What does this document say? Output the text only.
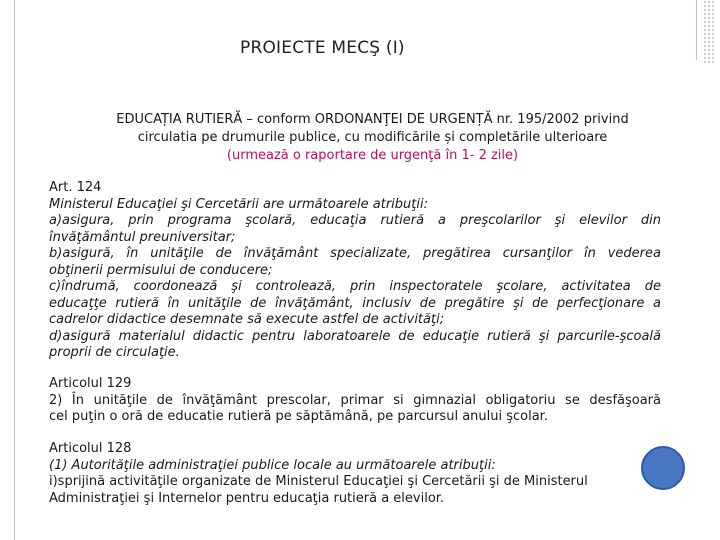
PROIECTE MECŞ (I)
EDUCAȚIA RUTIERĂ – conform ORDONANŢEI DE URGENȚĂ nr. 195/2002 privind
circulatia pe drumurile publice, cu modificările și completările ulterioare
(urmează o raportare de urgenţă în 1- 2 zile)
Art. 124
Ministerul Educaţiei şi Cercetării are următoarele atribuţii:
a)asigura, prin programa şcolară, educaţia rutieră a preşcolarilor şi elevilor din
învăţământul preuniversitar;
b)asigură, în unităţile de învăţământ specializate, pregătirea cursanţilor în vederea
obţinerii permisului de conducere;
c)îndrumă, coordonează şi controlează, prin inspectoratele şcolare, activitatea de
educaţţe rutieră în unităţile de învăţământ, inclusiv de pregătire şi de perfecţionare a
cadrelor didactice desemnate să execute astfel de activităţi;
d)asigură materialul didactic pentru laboratoarele de educaţie rutieră şi parcurile-şcoală
proprii de circulaţie.
Articolul 129
2) În unităţile de învăţământ prescolar, primar si gimnazial obligatoriu se desfăşoară
cel puţin o oră de educatie rutieră pe săptămână, pe parcursul anului şcolar.
Articolul 128
(1) Autorităţile administraţiei publice locale au următoarele atribuţii:
i)sprijină activităţile organizate de Ministerul Educaţiei şi Cercetării şi de Ministerul
Administraţiei şi Internelor pentru educaţia rutieră a elevilor.
